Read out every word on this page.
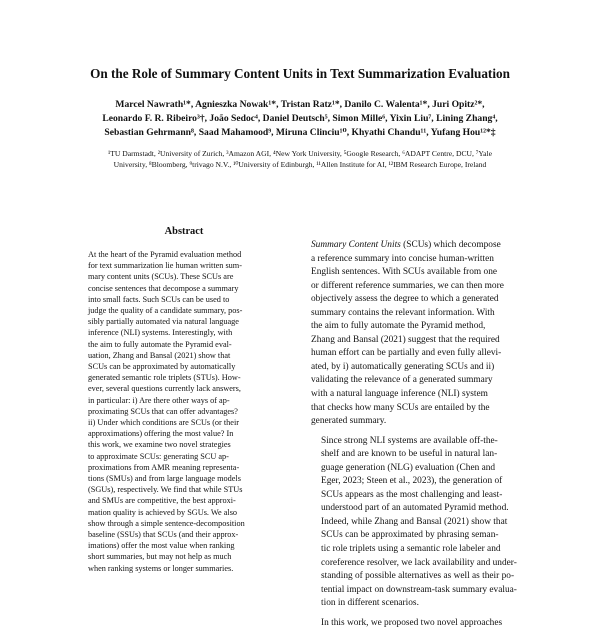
On the Role of Summary Content Units in Text Summarization Evaluation
Marcel Nawrath¹*, Agnieszka Nowak¹*, Tristan Ratz¹*, Danilo C. Walenta¹*, Juri Opitz²*,
Leonardo F. R. Ribeiro³†, João Sedoc⁴, Daniel Deutsch⁵, Simon Mille⁶, Yixin Liu⁷, Lining Zhang⁴,
Sebastian Gehrmann⁸, Saad Mahamood⁹, Miruna Clinciu¹⁰, Khyathi Chandu¹¹, Yufang Hou¹²*‡
¹TU Darmstadt, ²University of Zurich, ³Amazon AGI, ⁴New York University, ⁵Google Research, ⁶ADAPT Centre, DCU, ⁷Yale
University, ⁸Bloomberg, ⁹trivago N.V., ¹⁰University of Edinburgh, ¹¹Allen Institute for AI, ¹²IBM Research Europe, Ireland
Abstract
At the heart of the Pyramid evaluation method
for text summarization lie human written sum-
mary content units (SCUs). These SCUs are
concise sentences that decompose a summary
into small facts. Such SCUs can be used to
judge the quality of a candidate summary, pos-
sibly partially automated via natural language
inference (NLI) systems. Interestingly, with
the aim to fully automate the Pyramid eval-
uation, Zhang and Bansal (2021) show that
SCUs can be approximated by automatically
generated semantic role triplets (STUs). How-
ever, several questions currently lack answers,
in particular: i) Are there other ways of ap-
proximating SCUs that can offer advantages?
ii) Under which conditions are SCUs (or their
approximations) offering the most value? In
this work, we examine two novel strategies
to approximate SCUs: generating SCU ap-
proximations from AMR meaning representa-
tions (SMUs) and from large language models
(SGUs), respectively. We find that while STUs
and SMUs are competitive, the best approxi-
mation quality is achieved by SGUs. We also
show through a simple sentence-decomposition
baseline (SSUs) that SCUs (and their approx-
imations) offer the most value when ranking
short summaries, but may not help as much
when ranking systems or longer summaries.

Summary Content Units (SCUs) which decompose
a reference summary into concise human-written
English sentences. With SCUs available from one
or different reference summaries, we can then more
objectively assess the degree to which a generated
summary contains the relevant information. With
the aim to fully automate the Pyramid method,
Zhang and Bansal (2021) suggest that the required
human effort can be partially and even fully allevi-
ated, by i) automatically generating SCUs and ii)
validating the relevance of a generated summary
with a natural language inference (NLI) system
that checks how many SCUs are entailed by the
generated summary.

Since strong NLI systems are available off-the-
shelf and are known to be useful in natural lan-
guage generation (NLG) evaluation (Chen and
Eger, 2023; Steen et al., 2023), the generation of
SCUs appears as the most challenging and least-
understood part of an automated Pyramid method.
Indeed, while Zhang and Bansal (2021) show that
SCUs can be approximated by phrasing seman-
tic role triplets using a semantic role labeler and
coreference resolver, we lack availability and under-
standing of possible alternatives as well as their po-
tential impact on downstream-task summary evalua-
tion in different scenarios.

In this work, we proposed two novel approaches
